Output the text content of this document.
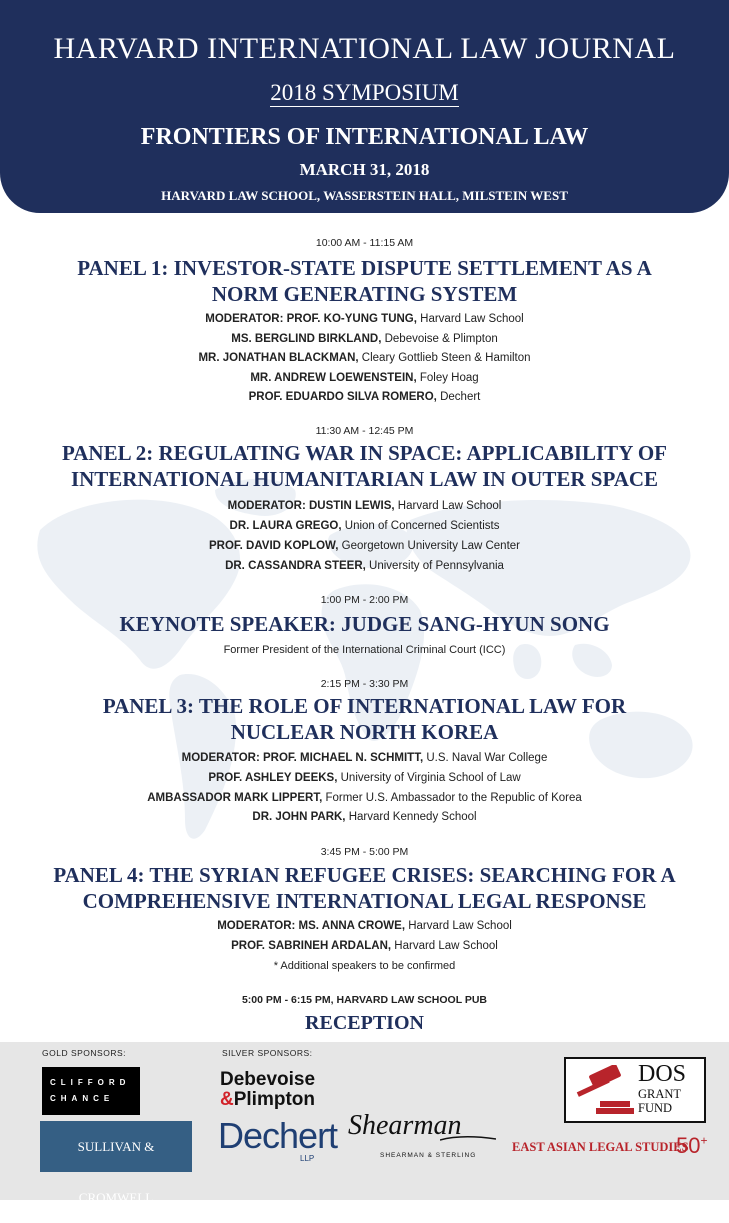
HARVARD INTERNATIONAL LAW JOURNAL
2018 SYMPOSIUM
FRONTIERS OF INTERNATIONAL LAW
MARCH 31, 2018
HARVARD LAW SCHOOL, WASSERSTEIN HALL, MILSTEIN WEST
10:00 AM - 11:15 AM
PANEL 1: INVESTOR-STATE DISPUTE SETTLEMENT AS A
NORM GENERATING SYSTEM
MODERATOR: PROF. KO-YUNG TUNG, Harvard Law School
MS. BERGLIND BIRKLAND, Debevoise & Plimpton
MR. JONATHAN BLACKMAN, Cleary Gottlieb Steen & Hamilton
MR. ANDREW LOEWENSTEIN, Foley Hoag
PROF. EDUARDO SILVA ROMERO, Dechert
11:30 AM - 12:45 PM
PANEL 2: REGULATING WAR IN SPACE: APPLICABILITY OF
INTERNATIONAL HUMANITARIAN LAW IN OUTER SPACE
MODERATOR: DUSTIN LEWIS, Harvard Law School
DR. LAURA GREGO, Union of Concerned Scientists
PROF. DAVID KOPLOW, Georgetown University Law Center
DR. CASSANDRA STEER, University of Pennsylvania
1:00 PM - 2:00 PM
KEYNOTE SPEAKER: JUDGE SANG-HYUN SONG
Former President of the International Criminal Court (ICC)
2:15 PM - 3:30 PM
PANEL 3: THE ROLE OF INTERNATIONAL LAW FOR
NUCLEAR NORTH KOREA
MODERATOR: PROF. MICHAEL N. SCHMITT, U.S. Naval War College
PROF. ASHLEY DEEKS, University of Virginia School of Law
AMBASSADOR MARK LIPPERT, Former U.S. Ambassador to the Republic of Korea
DR. JOHN PARK, Harvard Kennedy School
3:45 PM - 5:00 PM
PANEL 4: THE SYRIAN REFUGEE CRISES: SEARCHING FOR A
COMPREHENSIVE INTERNATIONAL LEGAL RESPONSE
MODERATOR: MS. ANNA CROWE, Harvard Law School
PROF. SABRINEH ARDALAN, Harvard Law School
* Additional speakers to be confirmed
5:00 PM - 6:15 PM, HARVARD LAW SCHOOL PUB
RECEPTION
GOLD SPONSORS:	SILVER SPONSORS:
CLIFFORD
CHANCE
SULLIVAN & CROMWELL
Debevoise
&Plimpton
Dechert
LLP
Shearman
SHEARMAN & STERLING
DOS
GRANT
FUND
EAST ASIAN LEGAL STUDIES
50+
